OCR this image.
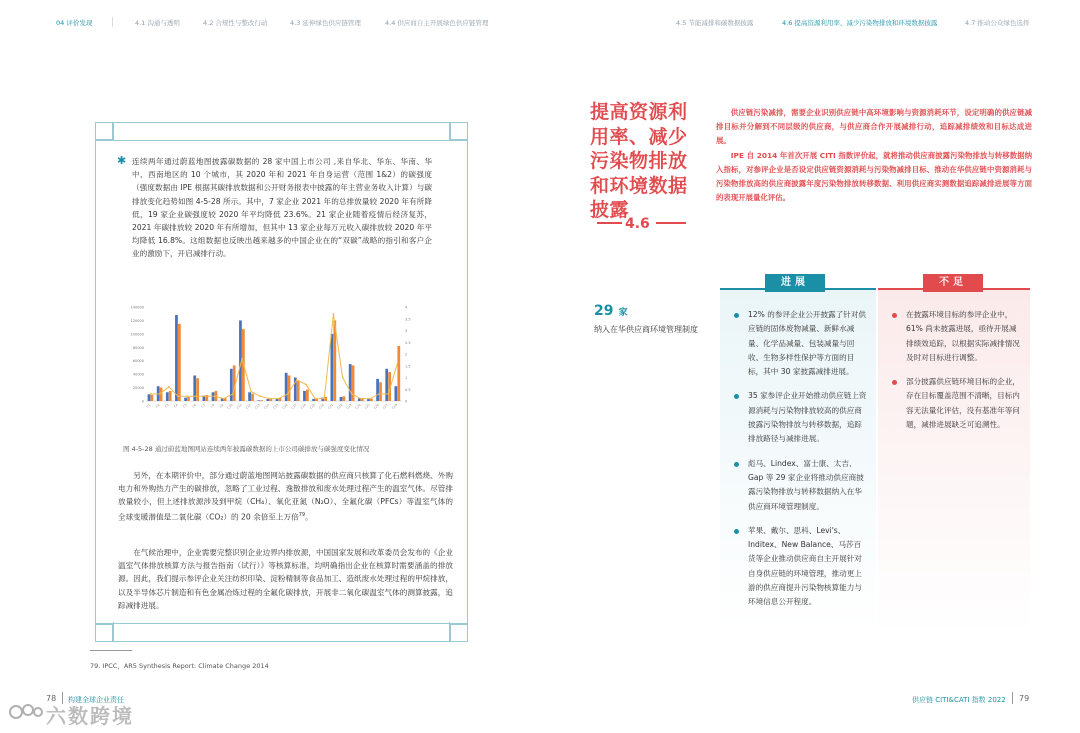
04 评价发现	4.1 沟通与透明	4.2 合规性与整改行动	4.3 延伸绿色供应链管理	4.4 供应商自主开展绿色供应链管理	4.5 节能减排和碳数据披露	4.6 提高资源利用率、减少污染物排放和环境数据披露	4.7 推动公众绿色选择
✱ 连续两年通过蔚蓝地图披露碳数据的 28 家中国上市公司 ,来自华北、华东、华南、华中、西南地区的 10 个城市，其 2020 年和 2021 年自身运营（范围 1&2）的碳强度（强度数据由 IPE 根据其碳排放数据和公开财务报表中披露的年主营业务收入计算）与碳排放变化趋势如图 4-5-28 所示。其中，7 家企业 2021 年的总排放量较 2020 年有所降低，19 家企业碳强度较 2020 年平均降低 23.6%。21 家企业随着疫情后经济复苏，2021 年碳排放较 2020 年有所增加，但其中 13 家企业每万元收入碳排放较 2020 年平均降低 16.8%。这组数据也反映出越来越多的中国企业在的“双碳”战略的指引和客户企业的激励下，开启减排行动。
0
20000
40000
60000
80000
100000
120000
140000
0
0.5
1
1.5
2
2.5
3
3.5
4
C1 C2 C3 C4 C5 C6 C7 C8 C9 C10 C11 C12 C13 C14 C15 C16 C17 C18 C19 C20 C21 C22 C23 C24 C25 C26 C27 C28
图 4-5-28 通过蔚蓝地图网站连续两年披露碳数据的上市公司碳排放与碳强度变化情况
另外，在本期评价中，部分通过蔚蓝地图网站披露碳数据的供应商只核算了化石燃料燃烧、外购电力和外购热力产生的碳排放，忽略了工业过程、逸散排放和废水处理过程产生的温室气体。尽管排放量较小，但上述排放源涉及到甲烷（CH₄）、氧化亚氮（N₂O）、全氟化碳（PFCs）等温室气体的全球变暖潜值是二氧化碳（CO₂）的 20 余倍至上万倍$^{79}$。
在气候治理中，企业需要完整识别企业边界内排放源，中国国家发展和改革委员会发布的《企业温室气体排放核算方法与报告指南（试行）》等核算标准，均明确指出企业在核算时需要涵盖的排放源。因此，我们提示参评企业关注纺织印染、淀粉精制等食品加工、造纸废水处理过程的甲烷排放，以及半导体芯片制造和有色金属冶炼过程的全氟化碳排放，开展非二氧化碳温室气体的测算披露，追踪减排进展。
79. IPCC，AR5 Synthesis Report: Climate Change 2014
提高资源利用率、减少污染物排放和环境数据披露
4.6
供应链污染减排，需要企业识别供应链中高环境影响与资源消耗环节，设定明确的供应链减排目标并分解到不同层级的供应商，与供应商合作开展减排行动，追踪减排绩效和目标达成进展。
IPE 自 2014 年首次开展 CITI 指数评价起，就将推动供应商披露污染物排放与转移数据纳入指标，对参评企业是否设定供应链资源消耗与污染物减排目标、推动在华供应链中资源消耗与污染物排放高的供应商披露年度污染物排放转移数据、利用供应商实测数据追踪减排进展等方面的表现开展量化评估。
29 家
纳入在华供应商环境管理制度
进展
12% 的参评企业公开披露了针对供应链的固体废物减量、新鲜水减量、化学品减量、包装减量与回收、生物多样性保护等方面的目标，其中 30 家披露减排进展。
35 家参评企业开始推动供应链上资源消耗与污染物排放较高的供应商披露污染物排放与转移数据，追踪排放路径与减排进展。
彪马、Lindex、富士康、太吉、Gap 等 29 家企业将推动供应商披露污染物排放与转移数据纳入在华供应商环境管理制度。
苹果、戴尔、思科、Levi's、Inditex、New Balance、马莎百货等企业推动供应商自主开展针对自身供应链的环境管理，推动更上游的供应商提升污染物核算能力与环境信息公开程度。
不足
在披露环境目标的参评企业中，61% 尚未披露进展，亟待开展减排绩效追踪，以根据实际减排情况及时对目标进行调整。
部分披露供应链环境目标的企业，存在目标覆盖范围不清晰，目标内容无法量化评估，没有基准年等问题，减排进展缺乏可追溯性。
78 构建全球企业责任	供应链 CITI&CATI 指数 2022 79
六数跨境
